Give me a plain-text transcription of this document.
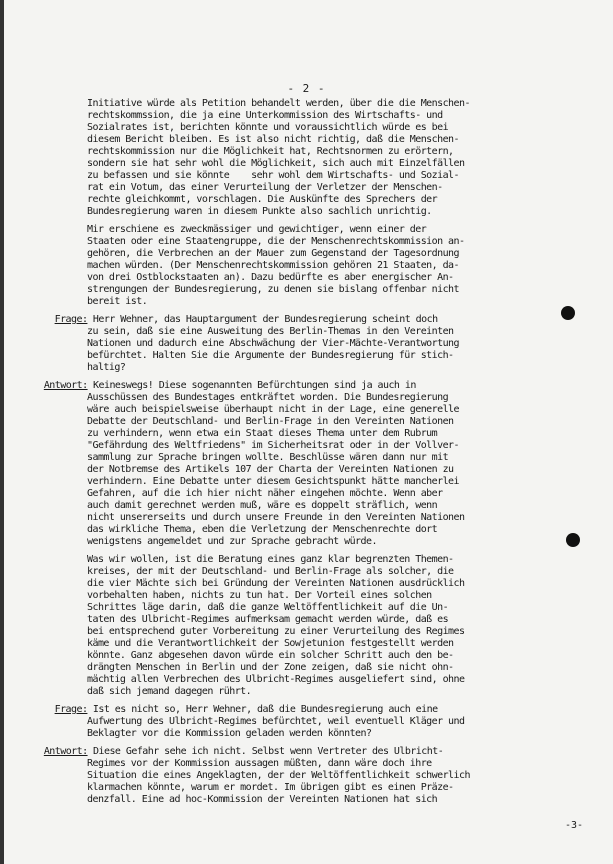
- 2 -
Initiative würde als Petition behandelt werden, über die die Menschen-
rechtskommssion, die ja eine Unterkommission des Wirtschafts- und
Sozialrates ist, berichten könnte und voraussichtlich würde es bei
diesem Bericht bleiben. Es ist also nicht richtig, daß die Menschen-
rechtskommission nur die Möglichkeit hat, Rechtsnormen zu erörtern,
sondern sie hat sehr wohl die Möglichkeit, sich auch mit Einzelfällen
zu befassen und sie könnte    sehr wohl dem Wirtschafts- und Sozial-
rat ein Votum, das einer Verurteilung der Verletzer der Menschen-
rechte gleichkommt, vorschlagen. Die Auskünfte des Sprechers der
Bundesregierung waren in diesem Punkte also sachlich unrichtig.
Mir erschiene es zweckmässiger und gewichtiger, wenn einer der
Staaten oder eine Staatengruppe, die der Menschenrechtskommission an-
gehören, die Verbrechen an der Mauer zum Gegenstand der Tagesordnung
machen würden. (Der Menschenrechtskommission gehören 21 Staaten, da-
von drei Ostblockstaaten an). Dazu bedürfte es aber energischer An-
strengungen der Bundesregierung, zu denen sie bislang offenbar nicht
bereit ist.
Frage: Herr Wehner, das Hauptargument der Bundesregierung scheint doch
zu sein, daß sie eine Ausweitung des Berlin-Themas in den Vereinten
Nationen und dadurch eine Abschwächung der Vier-Mächte-Verantwortung
befürchtet. Halten Sie die Argumente der Bundesregierung für stich-
haltig?
Antwort: Keineswegs! Diese sogenannten Befürchtungen sind ja auch in
Ausschüssen des Bundestages entkräftet worden. Die Bundesregierung
wäre auch beispielsweise überhaupt nicht in der Lage, eine generelle
Debatte der Deutschland- und Berlin-Frage in den Vereinten Nationen
zu verhindern, wenn etwa ein Staat dieses Thema unter dem Rubrum
"Gefährdung des Weltfriedens" im Sicherheitsrat oder in der Vollver-
sammlung zur Sprache bringen wollte. Beschlüsse wären dann nur mit
der Notbremse des Artikels 107 der Charta der Vereinten Nationen zu
verhindern. Eine Debatte unter diesem Gesichtspunkt hätte mancherlei
Gefahren, auf die ich hier nicht näher eingehen möchte. Wenn aber
auch damit gerechnet werden muß, wäre es doppelt sträflich, wenn
nicht unsererseits und durch unsere Freunde in den Vereinten Nationen
das wirkliche Thema, eben die Verletzung der Menschenrechte dort
wenigstens angemeldet und zur Sprache gebracht würde.
Was wir wollen, ist die Beratung eines ganz klar begrenzten Themen-
kreises, der mit der Deutschland- und Berlin-Frage als solcher, die
die vier Mächte sich bei Gründung der Vereinten Nationen ausdrücklich
vorbehalten haben, nichts zu tun hat. Der Vorteil eines solchen
Schrittes läge darin, daß die ganze Weltöffentlichkeit auf die Un-
taten des Ulbricht-Regimes aufmerksam gemacht werden würde, daß es
bei entsprechend guter Vorbereitung zu einer Verurteilung des Regimes
käme und die Verantwortlichkeit der Sowjetunion festgestellt werden
könnte. Ganz abgesehen davon würde ein solcher Schritt auch den be-
drängten Menschen in Berlin und der Zone zeigen, daß sie nicht ohn-
mächtig allen Verbrechen des Ulbricht-Regimes ausgeliefert sind, ohne
daß sich jemand dagegen rührt.
Frage: Ist es nicht so, Herr Wehner, daß die Bundesregierung auch eine
Aufwertung des Ulbricht-Regimes befürchtet, weil eventuell Kläger und
Beklagter vor die Kommission geladen werden könnten?
Antwort: Diese Gefahr sehe ich nicht. Selbst wenn Vertreter des Ulbricht-
Regimes vor der Kommission aussagen müßten, dann wäre doch ihre
Situation die eines Angeklagten, der der Weltöffentlichkeit schwerlich
klarmachen könnte, warum er mordet. Im übrigen gibt es einen Präze-
denzfall. Eine ad hoc-Kommission der Vereinten Nationen hat sich
-3-
